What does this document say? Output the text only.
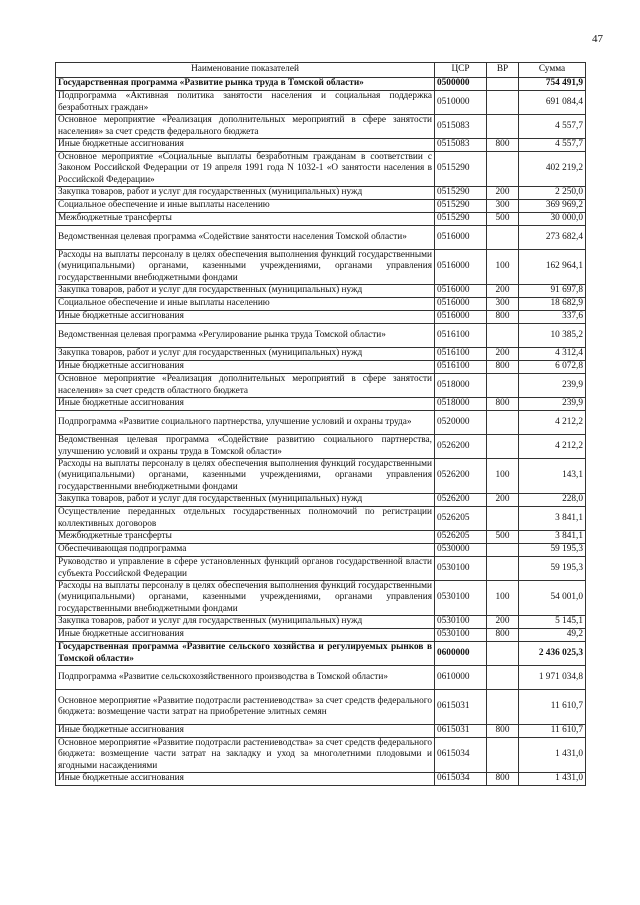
47
Наименование показателей	ЦСР	ВР	Сумма
Государственная программа «Развитие рынка труда в Томской области»	0500000		754 491,9
Подпрограмма «Активная политика занятости населения и социальная поддержка безработных граждан»	0510000		691 084,4
Основное мероприятие «Реализация дополнительных мероприятий в сфере занятости населения» за счет средств федерального бюджета	0515083		4 557,7
Иные бюджетные ассигнования	0515083	800	4 557,7
Основное мероприятие «Социальные выплаты безработным гражданам в соответствии с Законом Российской Федерации от 19 апреля 1991 года N 1032-1 «О занятости населения в Российской Федерации»	0515290		402 219,2
Закупка товаров, работ и услуг для государственных (муниципальных) нужд	0515290	200	2 250,0
Социальное обеспечение и иные выплаты населению	0515290	300	369 969,2
Межбюджетные трансферты	0515290	500	30 000,0
Ведомственная целевая программа «Содействие занятости населения Томской области»	0516000		273 682,4
Расходы на выплаты персоналу в целях обеспечения выполнения функций государственными (муниципальными) органами, казенными учреждениями, органами управления государственными внебюджетными фондами	0516000	100	162 964,1
Закупка товаров, работ и услуг для государственных (муниципальных) нужд	0516000	200	91 697,8
Социальное обеспечение и иные выплаты населению	0516000	300	18 682,9
Иные бюджетные ассигнования	0516000	800	337,6
Ведомственная целевая программа «Регулирование рынка труда Томской области»	0516100		10 385,2
Закупка товаров, работ и услуг для государственных (муниципальных) нужд	0516100	200	4 312,4
Иные бюджетные ассигнования	0516100	800	6 072,8
Основное мероприятие «Реализация дополнительных мероприятий в сфере занятости населения» за счет средств областного бюджета	0518000		239,9
Иные бюджетные ассигнования	0518000	800	239,9
Подпрограмма «Развитие социального партнерства, улучшение условий и охраны труда»	0520000		4 212,2
Ведомственная целевая программа «Содействие развитию социального партнерства, улучшению условий и охраны труда в Томской области»	0526200		4 212,2
Расходы на выплаты персоналу в целях обеспечения выполнения функций государственными (муниципальными) органами, казенными учреждениями, органами управления государственными внебюджетными фондами	0526200	100	143,1
Закупка товаров, работ и услуг для государственных (муниципальных) нужд	0526200	200	228,0
Осуществление переданных отдельных государственных полномочий по регистрации коллективных договоров	0526205		3 841,1
Межбюджетные трансферты	0526205	500	3 841,1
Обеспечивающая подпрограмма	0530000		59 195,3
Руководство и управление в сфере установленных функций органов государственной власти субъекта Российской Федерации	0530100		59 195,3
Расходы на выплаты персоналу в целях обеспечения выполнения функций государственными (муниципальными) органами, казенными учреждениями, органами управления государственными внебюджетными фондами	0530100	100	54 001,0
Закупка товаров, работ и услуг для государственных (муниципальных) нужд	0530100	200	5 145,1
Иные бюджетные ассигнования	0530100	800	49,2
Государственная программа «Развитие сельского хозяйства и регулируемых рынков в Томской области»	0600000		2 436 025,3
Подпрограмма «Развитие сельскохозяйственного производства в Томской области»	0610000		1 971 034,8
Основное мероприятие «Развитие подотрасли растениеводства» за счет средств федерального бюджета: возмещение части затрат на приобретение элитных семян	0615031		11 610,7
Иные бюджетные ассигнования	0615031	800	11 610,7
Основное мероприятие «Развитие подотрасли растениеводства» за счет средств федерального бюджета: возмещение части затрат на закладку и уход за многолетними плодовыми и ягодными насаждениями	0615034		1 431,0
Иные бюджетные ассигнования	0615034	800	1 431,0
